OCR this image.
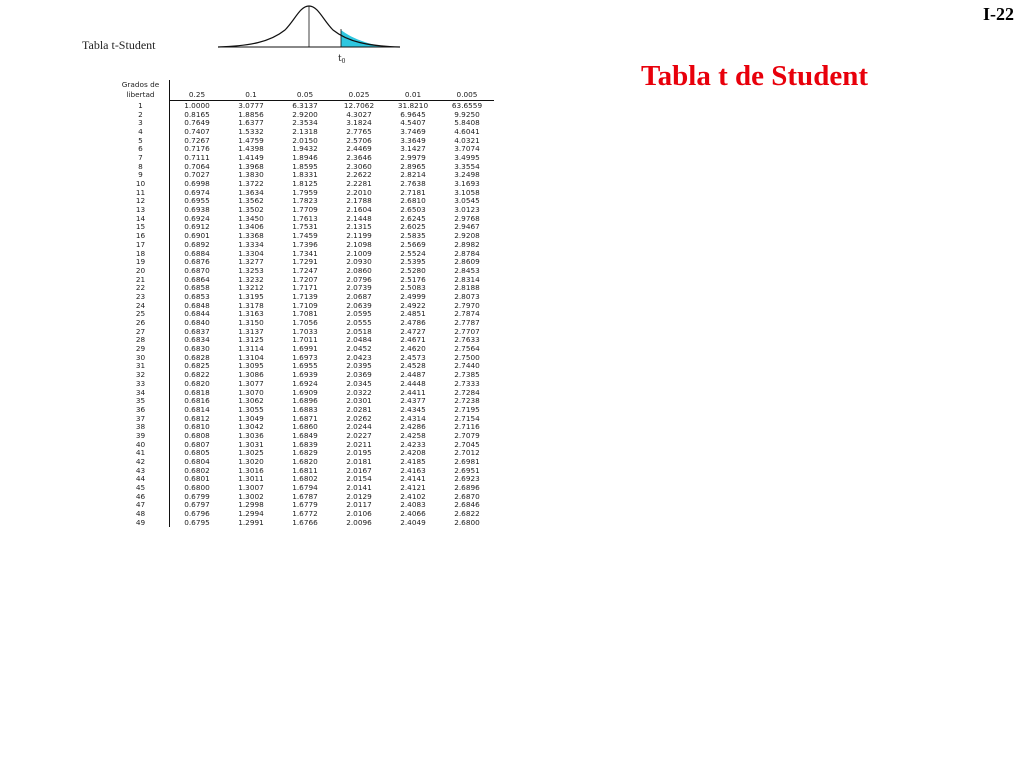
I-22
Tabla t de Student
Tabla t-Student
$t_0$
Grados de
libertad	0.25	0.1	0.05	0.025	0.01	0.005
1	1.0000	3.0777	6.3137	12.7062	31.8210	63.6559
2	0.8165	1.8856	2.9200	4.3027	6.9645	9.9250
3	0.7649	1.6377	2.3534	3.1824	4.5407	5.8408
4	0.7407	1.5332	2.1318	2.7765	3.7469	4.6041
5	0.7267	1.4759	2.0150	2.5706	3.3649	4.0321
6	0.7176	1.4398	1.9432	2.4469	3.1427	3.7074
7	0.7111	1.4149	1.8946	2.3646	2.9979	3.4995
8	0.7064	1.3968	1.8595	2.3060	2.8965	3.3554
9	0.7027	1.3830	1.8331	2.2622	2.8214	3.2498
10	0.6998	1.3722	1.8125	2.2281	2.7638	3.1693
11	0.6974	1.3634	1.7959	2.2010	2.7181	3.1058
12	0.6955	1.3562	1.7823	2.1788	2.6810	3.0545
13	0.6938	1.3502	1.7709	2.1604	2.6503	3.0123
14	0.6924	1.3450	1.7613	2.1448	2.6245	2.9768
15	0.6912	1.3406	1.7531	2.1315	2.6025	2.9467
16	0.6901	1.3368	1.7459	2.1199	2.5835	2.9208
17	0.6892	1.3334	1.7396	2.1098	2.5669	2.8982
18	0.6884	1.3304	1.7341	2.1009	2.5524	2.8784
19	0.6876	1.3277	1.7291	2.0930	2.5395	2.8609
20	0.6870	1.3253	1.7247	2.0860	2.5280	2.8453
21	0.6864	1.3232	1.7207	2.0796	2.5176	2.8314
22	0.6858	1.3212	1.7171	2.0739	2.5083	2.8188
23	0.6853	1.3195	1.7139	2.0687	2.4999	2.8073
24	0.6848	1.3178	1.7109	2.0639	2.4922	2.7970
25	0.6844	1.3163	1.7081	2.0595	2.4851	2.7874
26	0.6840	1.3150	1.7056	2.0555	2.4786	2.7787
27	0.6837	1.3137	1.7033	2.0518	2.4727	2.7707
28	0.6834	1.3125	1.7011	2.0484	2.4671	2.7633
29	0.6830	1.3114	1.6991	2.0452	2.4620	2.7564
30	0.6828	1.3104	1.6973	2.0423	2.4573	2.7500
31	0.6825	1.3095	1.6955	2.0395	2.4528	2.7440
32	0.6822	1.3086	1.6939	2.0369	2.4487	2.7385
33	0.6820	1.3077	1.6924	2.0345	2.4448	2.7333
34	0.6818	1.3070	1.6909	2.0322	2.4411	2.7284
35	0.6816	1.3062	1.6896	2.0301	2.4377	2.7238
36	0.6814	1.3055	1.6883	2.0281	2.4345	2.7195
37	0.6812	1.3049	1.6871	2.0262	2.4314	2.7154
38	0.6810	1.3042	1.6860	2.0244	2.4286	2.7116
39	0.6808	1.3036	1.6849	2.0227	2.4258	2.7079
40	0.6807	1.3031	1.6839	2.0211	2.4233	2.7045
41	0.6805	1.3025	1.6829	2.0195	2.4208	2.7012
42	0.6804	1.3020	1.6820	2.0181	2.4185	2.6981
43	0.6802	1.3016	1.6811	2.0167	2.4163	2.6951
44	0.6801	1.3011	1.6802	2.0154	2.4141	2.6923
45	0.6800	1.3007	1.6794	2.0141	2.4121	2.6896
46	0.6799	1.3002	1.6787	2.0129	2.4102	2.6870
47	0.6797	1.2998	1.6779	2.0117	2.4083	2.6846
48	0.6796	1.2994	1.6772	2.0106	2.4066	2.6822
49	0.6795	1.2991	1.6766	2.0096	2.4049	2.6800
